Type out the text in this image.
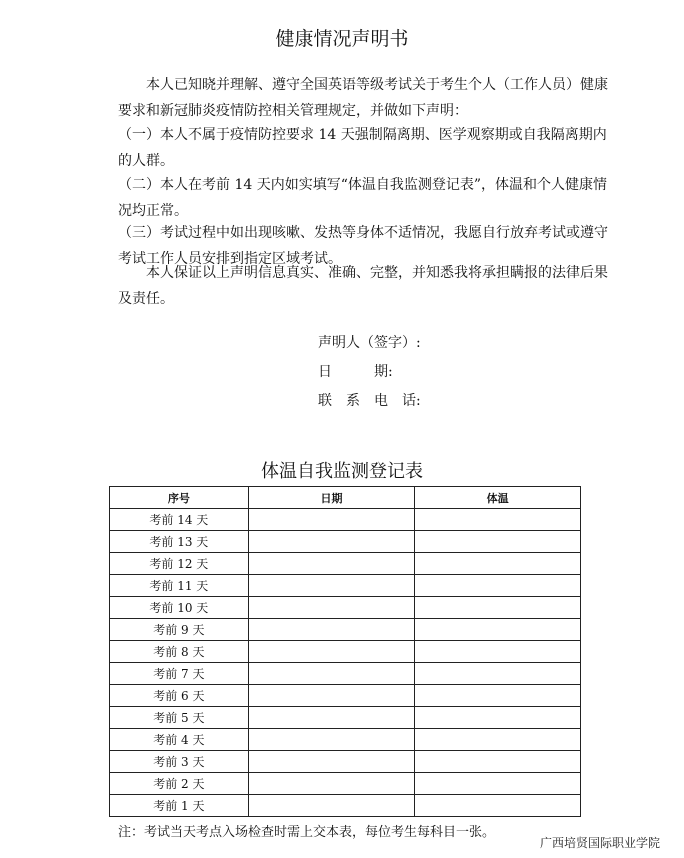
健康情况声明书

本人已知晓并理解、遵守全国英语等级考试关于考生个人（工作人员）健康要求和新冠肺炎疫情防控相关管理规定，并做如下声明：

（一）本人不属于疫情防控要求 14 天强制隔离期、医学观察期或自我隔离期内的人群。

（二）本人在考前 14 天内如实填写“体温自我监测登记表”，体温和个人健康情况均正常。

（三）考试过程中如出现咳嗽、发热等身体不适情况，我愿自行放弃考试或遵守考试工作人员安排到指定区域考试。

本人保证以上声明信息真实、准确、完整，并知悉我将承担瞒报的法律后果及责任。

声明人（签字）:
日　　　期:
联　系　电　话:
体温自我监测登记表
序号	日期	体温
考前 14 天		
考前 13 天		
考前 12 天		
考前 11 天		
考前 10 天		
考前 9 天		
考前 8 天		
考前 7 天		
考前 6 天		
考前 5 天		
考前 4 天		
考前 3 天		
考前 2 天		
考前 1 天		
注：考试当天考点入场检查时需上交本表，每位考生每科目一张。
广西培贤国际职业学院
